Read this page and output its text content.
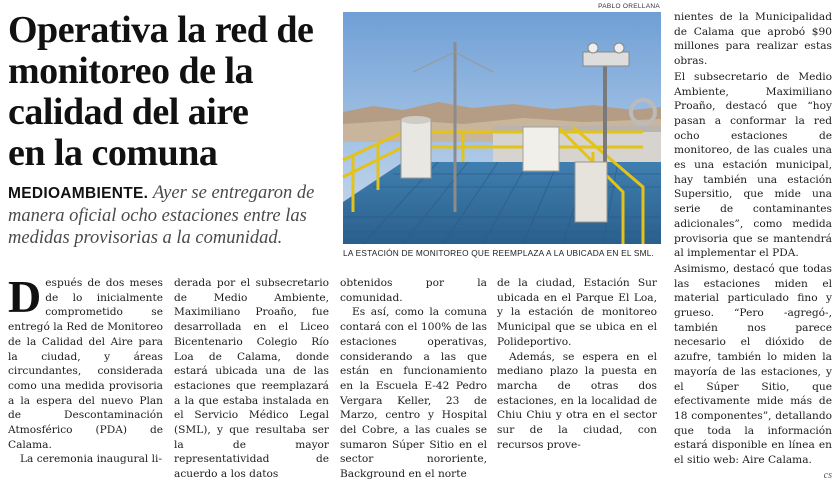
Operativa la red de
monitoreo de la
calidad del aire
en la comuna
MEDIOAMBIENTE. Ayer se entregaron de manera oficial ocho estaciones entre las medidas provisorias a la comunidad.
PABLO ORELLANA
LA ESTACIÓN DE MONITOREO QUE REEMPLAZA A LA UBICADA EN EL SML.
D espués de dos meses de lo inicialmente comprometido se entregó la Red de Monitoreo de la Calidad del Aire para la ciudad, y áreas circundantes, considerada como una medida provisoria a la espera del nuevo Plan de Descontaminación Atmosférico (PDA) de Calama.

La ceremonia inaugural li-

derada por el subsecretario de Medio Ambiente, Maximiliano Proaño, fue desarrollada en el Liceo Bicentenario Colegio Río Loa de Calama, donde estará ubicada una de las estaciones que reemplazará a la que estaba instalada en el Servicio Médico Legal (SML), y que resultaba ser la de mayor representatividad de acuerdo a los datos

obtenidos por la comunidad.

Es así, como la comuna contará con el 100% de las estaciones operativas, considerando a las que están en funcionamiento en la Escuela E-42 Pedro Vergara Keller, 23 de Marzo, centro y Hospital del Cobre, a las cuales se sumaron Súper Sitio en el sector nororiente, Background en el norte

de la ciudad, Estación Sur ubicada en el Parque El Loa, y la estación de monitoreo Municipal que se ubica en el Polideportivo.

Además, se espera en el mediano plazo la puesta en marcha de otras dos estaciones, en la localidad de Chiu Chiu y otra en el sector sur de la ciudad, con recursos prove-

nientes de la Municipalidad de Calama que aprobó $90 millones para realizar estas obras.

El subsecretario de Medio Ambiente, Maximiliano Proaño, destacó que “hoy pasan a conformar la red ocho estaciones de monitoreo, de las cuales una es una estación municipal, hay también una estación Supersitio, que mide una serie de contaminantes adicionales”, como medida provisoria que se mantendrá al implementar el PDA.

Asimismo, destacó que todas las estaciones miden el material particulado fino y grueso. “Pero -agregó-, también nos parece necesario el dióxido de azufre, también lo miden la mayoría de las estaciones, y el Súper Sitio, que efectivamente mide más de 18 componentes”, detallando que toda la información estará disponible en línea en el sitio web: Aire Calama.

cs
